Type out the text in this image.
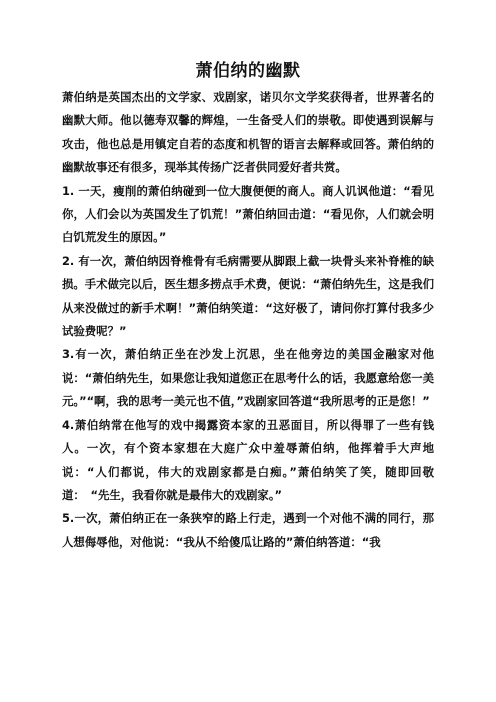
萧伯纳的幽默

萧伯纳是英国杰出的文学家、戏剧家，诺贝尔文学奖获得者，世界著名的幽默大师。他以德寿双馨的辉煌，一生备受人们的崇敬。即使遇到误解与攻击，他也总是用镇定自若的态度和机智的语言去解释或回答。萧伯纳的幽默故事还有很多，现举其传扬广泛者供同爱好者共赏。

1. 一天，瘦削的萧伯纳碰到一位大腹便便的商人。商人讥讽他道：“看见你，人们会以为英国发生了饥荒！”萧伯纳回击道：“看见你，人们就会明白饥荒发生的原因。”

2. 有一次，萧伯纳因脊椎骨有毛病需要从脚跟上截一块骨头来补脊椎的缺损。手术做完以后，医生想多捞点手术费，便说：“萧伯纳先生，这是我们从来没做过的新手术啊！”萧伯纳笑道：“这好极了，请问你打算付我多少试验费呢？”

3.有一次，萧伯纳正坐在沙发上沉思，坐在他旁边的美国金融家对他说：“萧伯纳先生，如果您让我知道您正在思考什么的话，我愿意给您一美元。”“啊，我的思考一美元也不值，”戏剧家回答道“我所思考的正是您！”

4.萧伯纳常在他写的戏中揭露资本家的丑恶面目，所以得罪了一些有钱人。一次，有个资本家想在大庭广众中羞辱萧伯纳，他挥着手大声地说：“人们都说，伟大的戏剧家都是白痴。”萧伯纳笑了笑，随即回敬道：　“先生，我看你就是最伟大的戏剧家。”

5.一次，萧伯纳正在一条狭窄的路上行走，遇到一个对他不满的同行，那人想侮辱他，对他说：“我从不给傻瓜让路的”萧伯纳答道：“我
